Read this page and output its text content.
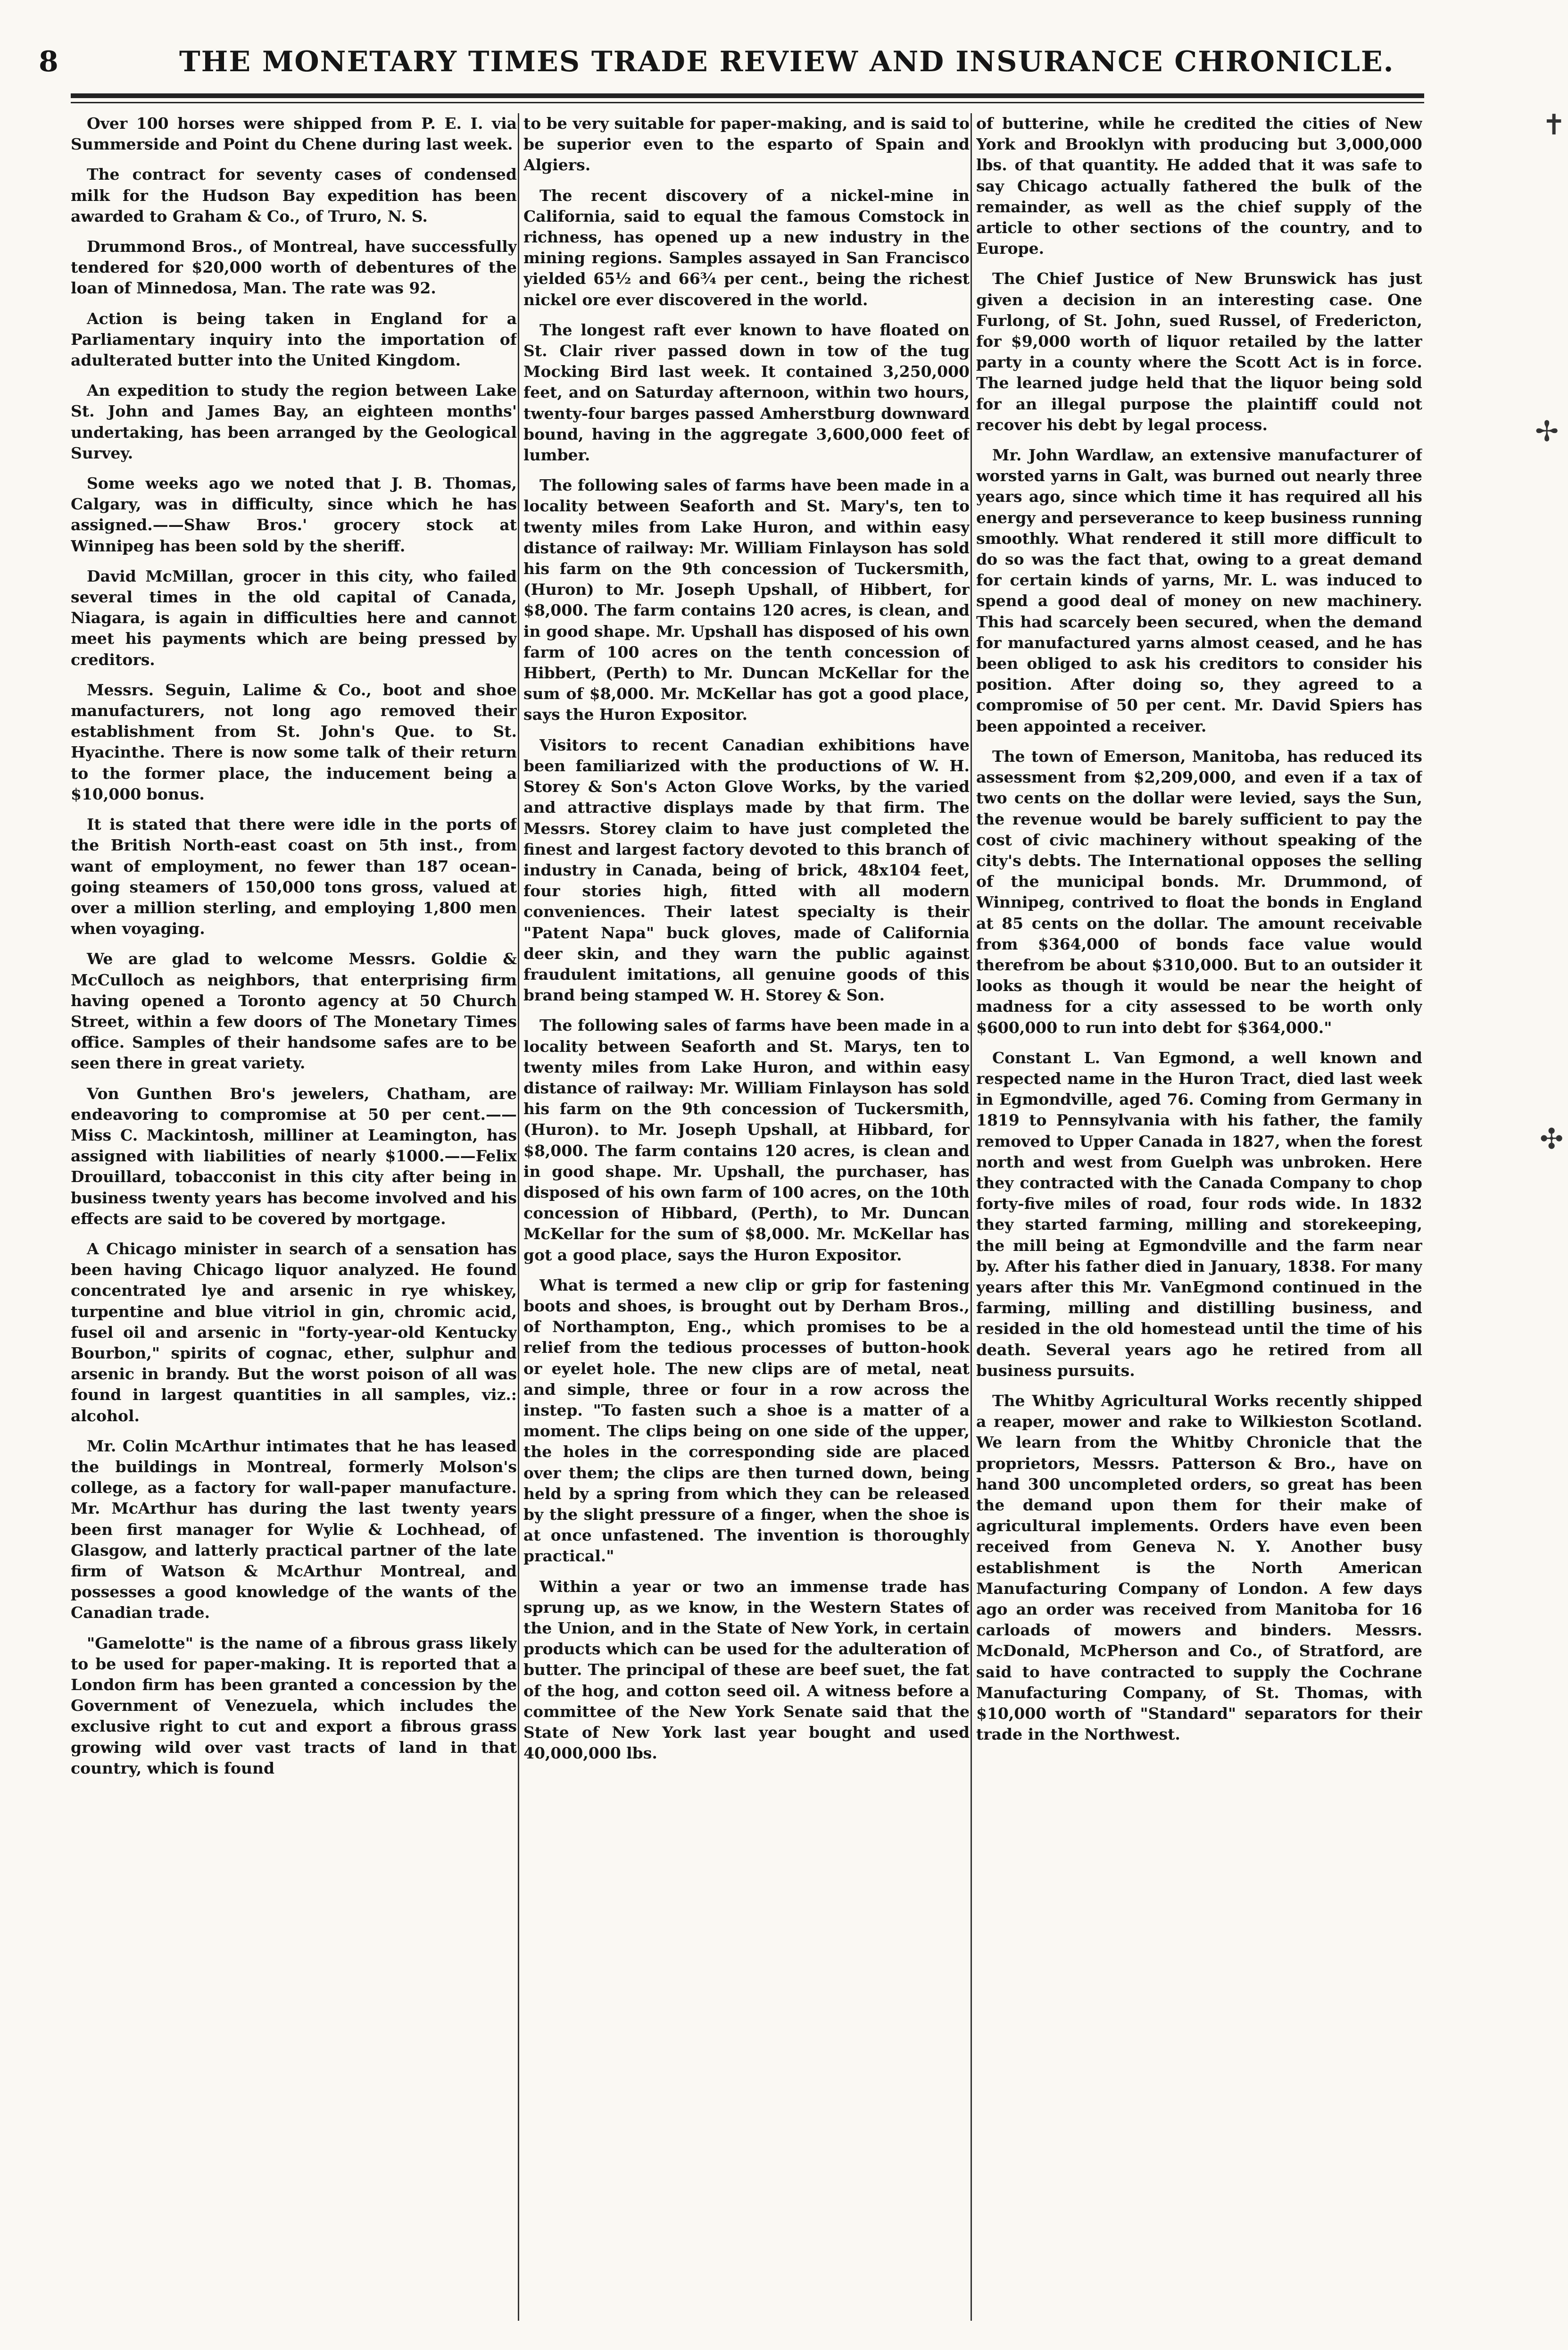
8	THE MONETARY TIMES TRADE REVIEW AND INSURANCE CHRONICLE.

Over 100 horses were shipped from P. E. I. via Summerside and Point du Chene during last week.

The contract for seventy cases of condensed milk for the Hudson Bay expedition has been awarded to Graham & Co., of Truro, N. S.

Drummond Bros., of Montreal, have successfully tendered for $20,000 worth of debentures of the loan of Minnedosa, Man. The rate was 92.

Action is being taken in England for a Parliamentary inquiry into the importation of adulterated butter into the United Kingdom.

An expedition to study the region between Lake St. John and James Bay, an eighteen months' undertaking, has been arranged by the Geological Survey.

Some weeks ago we noted that J. B. Thomas, Calgary, was in difficulty, since which he has assigned.——Shaw Bros.' grocery stock at Winnipeg has been sold by the sheriff.

David McMillan, grocer in this city, who failed several times in the old capital of Canada, Niagara, is again in difficulties here and cannot meet his payments which are being pressed by creditors.

Messrs. Seguin, Lalime & Co., boot and shoe manufacturers, not long ago removed their establishment from St. John's Que. to St. Hyacinthe. There is now some talk of their return to the former place, the inducement being a $10,000 bonus.

It is stated that there were idle in the ports of the British North-east coast on 5th inst., from want of employment, no fewer than 187 ocean-going steamers of 150,000 tons gross, valued at over a million sterling, and employing 1,800 men when voyaging.

We are glad to welcome Messrs. Goldie & McCulloch as neighbors, that enterprising firm having opened a Toronto agency at 50 Church Street, within a few doors of The Monetary Times office. Samples of their handsome safes are to be seen there in great variety.

Von Gunthen Bro's jewelers, Chatham, are endeavoring to compromise at 50 per cent.——Miss C. Mackintosh, milliner at Leamington, has assigned with liabilities of nearly $1000.——Felix Drouillard, tobacconist in this city after being in business twenty years has become involved and his effects are said to be covered by mortgage.

A Chicago minister in search of a sensation has been having Chicago liquor analyzed. He found concentrated lye and arsenic in rye whiskey, turpentine and blue vitriol in gin, chromic acid, fusel oil and arsenic in "forty-year-old Kentucky Bourbon," spirits of cognac, ether, sulphur and arsenic in brandy. But the worst poison of all was found in largest quantities in all samples, viz.: alcohol.

Mr. Colin McArthur intimates that he has leased the buildings in Montreal, formerly Molson's college, as a factory for wall-paper manufacture. Mr. McArthur has during the last twenty years been first manager for Wylie & Lochhead, of Glasgow, and latterly practical partner of the late firm of Watson & McArthur Montreal, and possesses a good knowledge of the wants of the Canadian trade.

"Gamelotte" is the name of a fibrous grass likely to be used for paper-making. It is reported that a London firm has been granted a concession by the Government of Venezuela, which includes the exclusive right to cut and export a fibrous grass growing wild over vast tracts of land in that country, which is found

to be very suitable for paper-making, and is said to be superior even to the esparto of Spain and Algiers.

The recent discovery of a nickel-mine in California, said to equal the famous Comstock in richness, has opened up a new industry in the mining regions. Samples assayed in San Francisco yielded 65½ and 66¾ per cent., being the richest nickel ore ever discovered in the world.

The longest raft ever known to have floated on St. Clair river passed down in tow of the tug Mocking Bird last week. It contained 3,250,000 feet, and on Saturday afternoon, within two hours, twenty-four barges passed Amherstburg downward bound, having in the aggregate 3,600,000 feet of lumber.

The following sales of farms have been made in a locality between Seaforth and St. Mary's, ten to twenty miles from Lake Huron, and within easy distance of railway: Mr. William Finlayson has sold his farm on the 9th concession of Tuckersmith, (Huron) to Mr. Joseph Upshall, of Hibbert, for $8,000. The farm contains 120 acres, is clean, and in good shape. Mr. Upshall has disposed of his own farm of 100 acres on the tenth concession of Hibbert, (Perth) to Mr. Duncan McKellar for the sum of $8,000. Mr. McKellar has got a good place, says the Huron Expositor.

Visitors to recent Canadian exhibitions have been familiarized with the productions of W. H. Storey & Son's Acton Glove Works, by the varied and attractive displays made by that firm. The Messrs. Storey claim to have just completed the finest and largest factory devoted to this branch of industry in Canada, being of brick, 48x104 feet, four stories high, fitted with all modern conveniences. Their latest specialty is their "Patent Napa" buck gloves, made of California deer skin, and they warn the public against fraudulent imitations, all genuine goods of this brand being stamped W. H. Storey & Son.

The following sales of farms have been made in a locality between Seaforth and St. Marys, ten to twenty miles from Lake Huron, and within easy distance of railway: Mr. William Finlayson has sold his farm on the 9th concession of Tuckersmith, (Huron). to Mr. Joseph Upshall, at Hibbard, for $8,000. The farm contains 120 acres, is clean and in good shape. Mr. Upshall, the purchaser, has disposed of his own farm of 100 acres, on the 10th concession of Hibbard, (Perth), to Mr. Duncan McKellar for the sum of $8,000. Mr. McKellar has got a good place, says the Huron Expositor.

What is termed a new clip or grip for fastening boots and shoes, is brought out by Derham Bros., of Northampton, Eng., which promises to be a relief from the tedious processes of button-hook or eyelet hole. The new clips are of metal, neat and simple, three or four in a row across the instep. "To fasten such a shoe is a matter of a moment. The clips being on one side of the upper, the holes in the corresponding side are placed over them; the clips are then turned down, being held by a spring from which they can be released by the slight pressure of a finger, when the shoe is at once unfastened. The invention is thoroughly practical."

Within a year or two an immense trade has sprung up, as we know, in the Western States of the Union, and in the State of New York, in certain products which can be used for the adulteration of butter. The principal of these are beef suet, the fat of the hog, and cotton seed oil. A witness before a committee of the New York Senate said that the State of New York last year bought and used 40,000,000 lbs.

of butterine, while he credited the cities of New York and Brooklyn with producing but 3,000,000 lbs. of that quantity. He added that it was safe to say Chicago actually fathered the bulk of the remainder, as well as the chief supply of the article to other sections of the country, and to Europe.

The Chief Justice of New Brunswick has just given a decision in an interesting case. One Furlong, of St. John, sued Russel, of Fredericton, for $9,000 worth of liquor retailed by the latter party in a county where the Scott Act is in force. The learned judge held that the liquor being sold for an illegal purpose the plaintiff could not recover his debt by legal process.

Mr. John Wardlaw, an extensive manufacturer of worsted yarns in Galt, was burned out nearly three years ago, since which time it has required all his energy and perseverance to keep business running smoothly. What rendered it still more difficult to do so was the fact that, owing to a great demand for certain kinds of yarns, Mr. L. was induced to spend a good deal of money on new machinery. This had scarcely been secured, when the demand for manufactured yarns almost ceased, and he has been obliged to ask his creditors to consider his position. After doing so, they agreed to a compromise of 50 per cent. Mr. David Spiers has been appointed a receiver.

The town of Emerson, Manitoba, has reduced its assessment from $2,209,000, and even if a tax of two cents on the dollar were levied, says the Sun, the revenue would be barely sufficient to pay the cost of civic machinery without speaking of the city's debts. The International opposes the selling of the municipal bonds. Mr. Drummond, of Winnipeg, contrived to float the bonds in England at 85 cents on the dollar. The amount receivable from $364,000 of bonds face value would therefrom be about $310,000. But to an outsider it looks as though it would be near the height of madness for a city assessed to be worth only $600,000 to run into debt for $364,000."

Constant L. Van Egmond, a well known and respected name in the Huron Tract, died last week in Egmondville, aged 76. Coming from Germany in 1819 to Pennsylvania with his father, the family removed to Upper Canada in 1827, when the forest north and west from Guelph was unbroken. Here they contracted with the Canada Company to chop forty-five miles of road, four rods wide. In 1832 they started farming, milling and storekeeping, the mill being at Egmondville and the farm near by. After his father died in January, 1838. For many years after this Mr. VanEgmond continued in the farming, milling and distilling business, and resided in the old homestead until the time of his death. Several years ago he retired from all business pursuits.

The Whitby Agricultural Works recently shipped a reaper, mower and rake to Wilkieston Scotland. We learn from the Whitby Chronicle that the proprietors, Messrs. Patterson & Bro., have on hand 300 uncompleted orders, so great has been the demand upon them for their make of agricultural implements. Orders have even been received from Geneva N. Y. Another busy establishment is the North American Manufacturing Company of London. A few days ago an order was received from Manitoba for 16 carloads of mowers and binders. Messrs. McDonald, McPherson and Co., of Stratford, are said to have contracted to supply the Cochrane Manufacturing Company, of St. Thomas, with $10,000 worth of "Standard" separators for their trade in the Northwest.

✝
✢
✣
